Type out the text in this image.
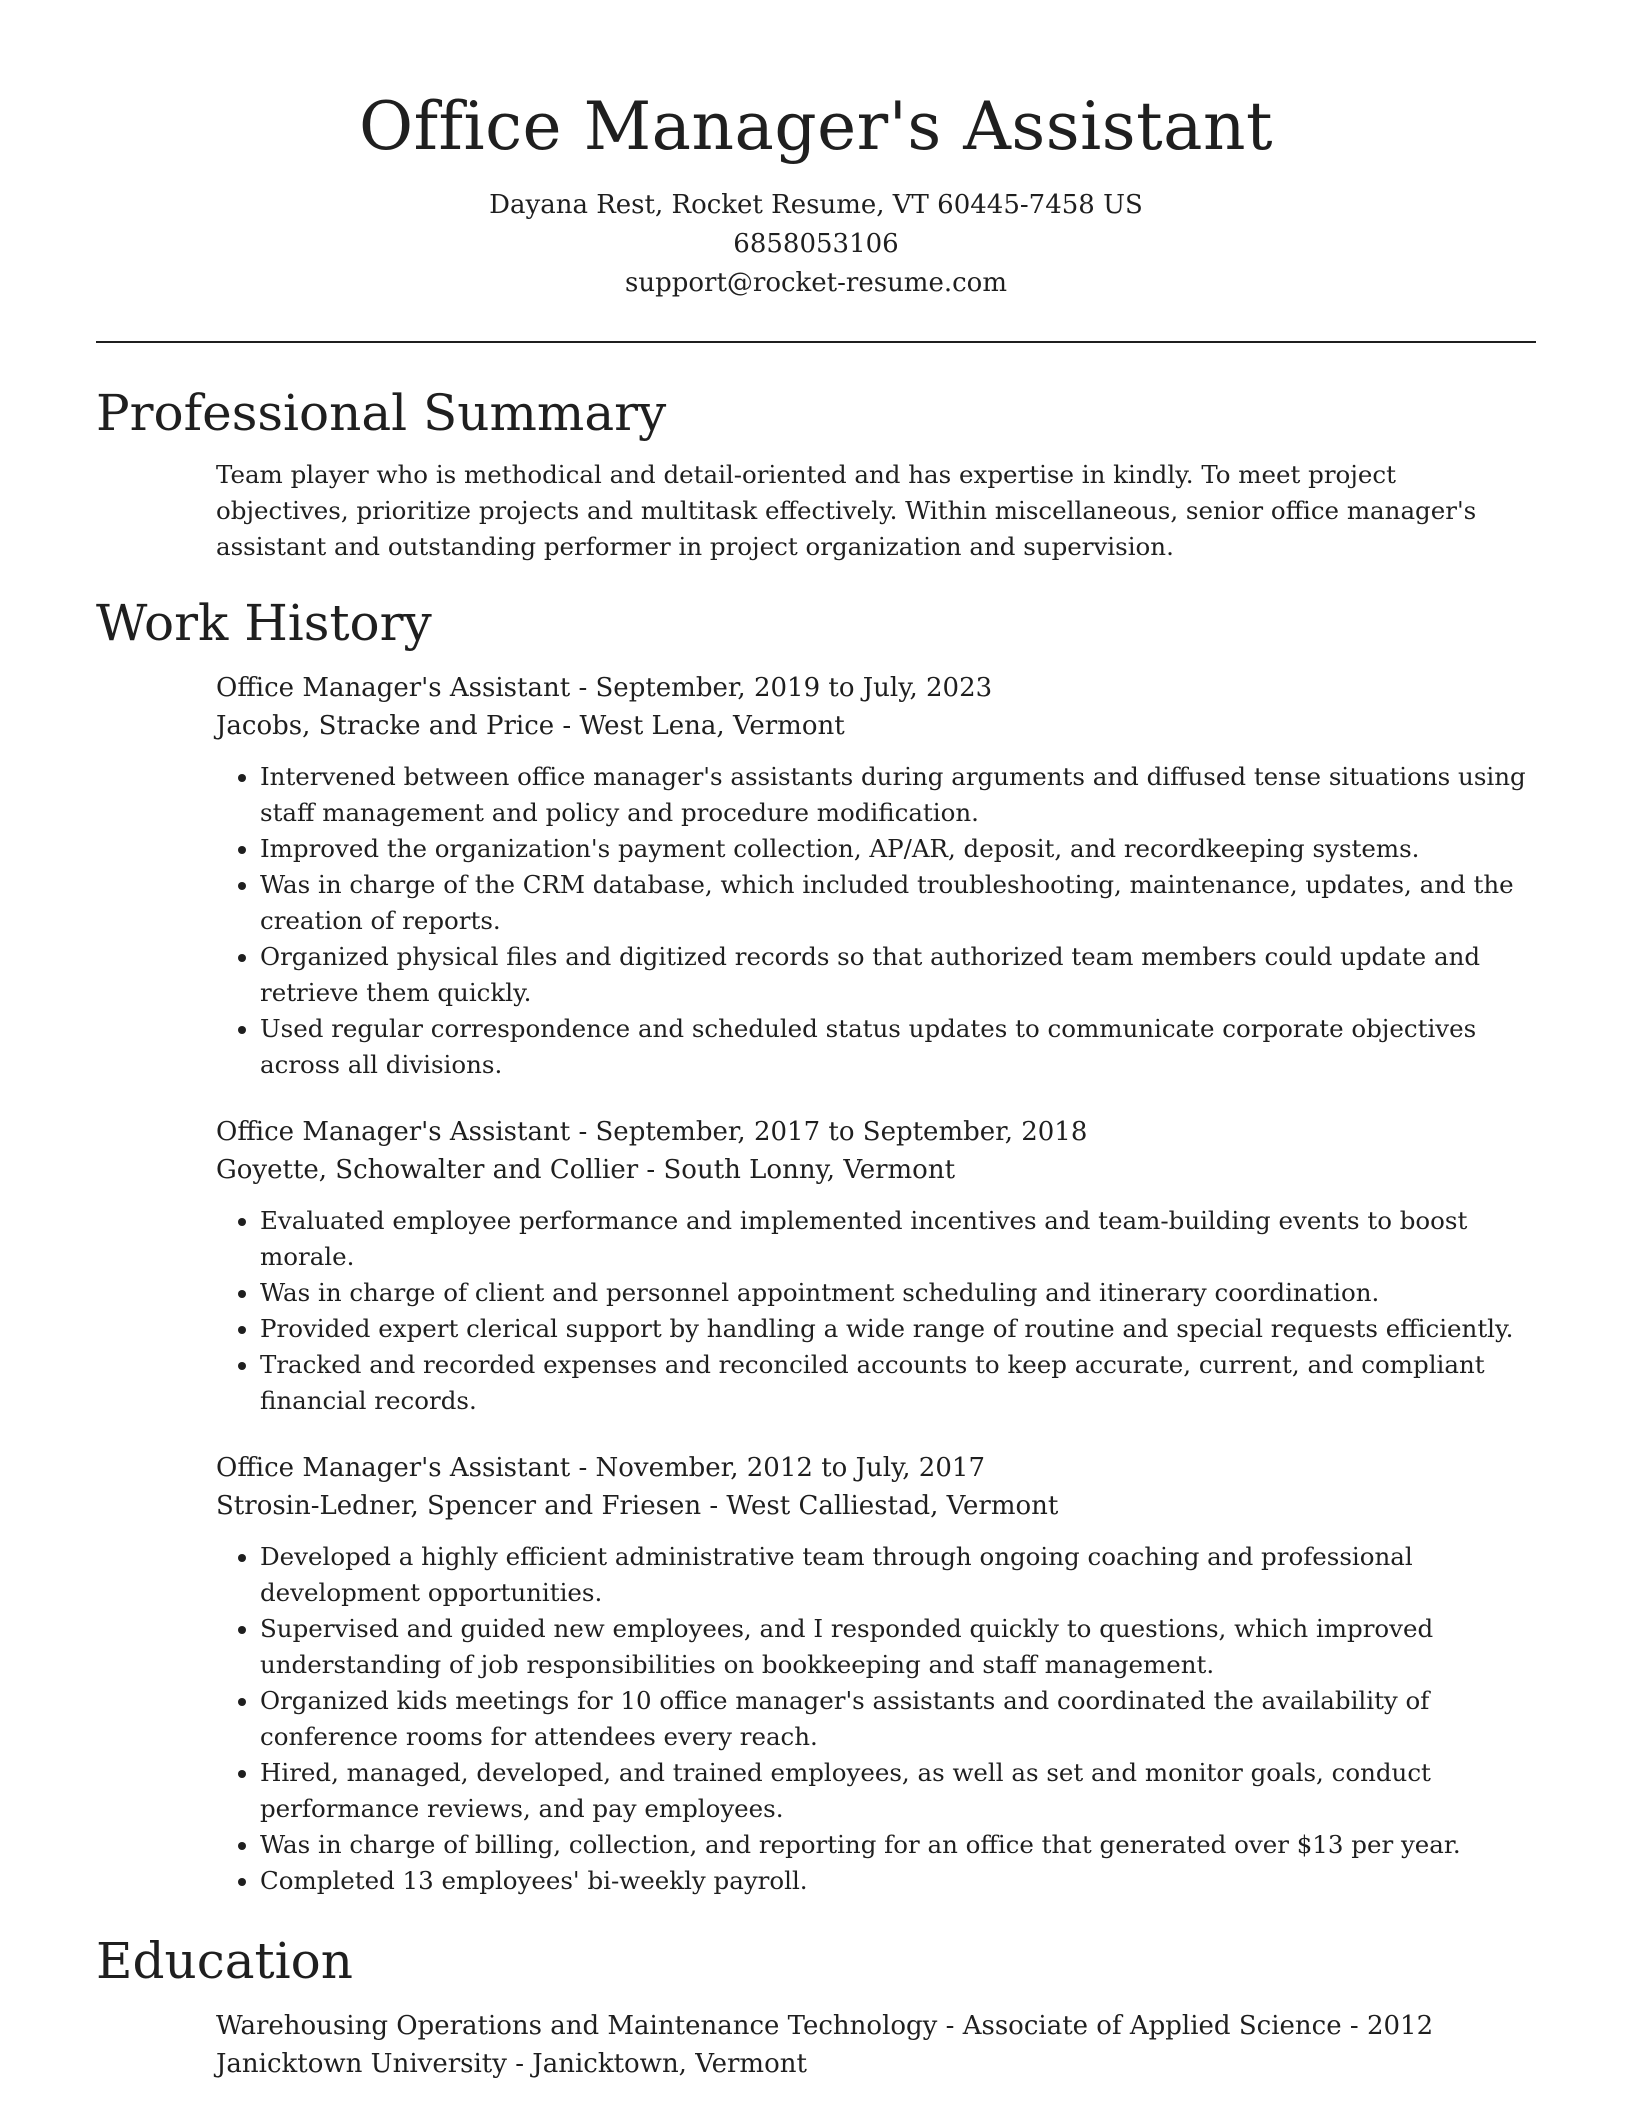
Office Manager's Assistant
Dayana Rest, Rocket Resume, VT 60445-7458 US
6858053106
support@rocket-resume.com
Professional Summary

Team player who is methodical and detail-oriented and has expertise in kindly. To meet project objectives, prioritize projects and multitask effectively. Within miscellaneous, senior office manager's assistant and outstanding performer in project organization and supervision.

Work History
Office Manager's Assistant - September, 2019 to July, 2023
Jacobs, Stracke and Price - West Lena, Vermont
• Intervened between office manager's assistants during arguments and diffused tense situations using staff management and policy and procedure modification.
• Improved the organization's payment collection, AP/AR, deposit, and recordkeeping systems.
• Was in charge of the CRM database, which included troubleshooting, maintenance, updates, and the creation of reports.
• Organized physical files and digitized records so that authorized team members could update and retrieve them quickly.
• Used regular correspondence and scheduled status updates to communicate corporate objectives across all divisions.
Office Manager's Assistant - September, 2017 to September, 2018
Goyette, Schowalter and Collier - South Lonny, Vermont
• Evaluated employee performance and implemented incentives and team-building events to boost morale.
• Was in charge of client and personnel appointment scheduling and itinerary coordination.
• Provided expert clerical support by handling a wide range of routine and special requests efficiently.
• Tracked and recorded expenses and reconciled accounts to keep accurate, current, and compliant financial records.
Office Manager's Assistant - November, 2012 to July, 2017
Strosin-Ledner, Spencer and Friesen - West Calliestad, Vermont
• Developed a highly efficient administrative team through ongoing coaching and professional development opportunities.
• Supervised and guided new employees, and I responded quickly to questions, which improved understanding of job responsibilities on bookkeeping and staff management.
• Organized kids meetings for 10 office manager's assistants and coordinated the availability of conference rooms for attendees every reach.
• Hired, managed, developed, and trained employees, as well as set and monitor goals, conduct performance reviews, and pay employees.
• Was in charge of billing, collection, and reporting for an office that generated over $13 per year.
• Completed 13 employees' bi-weekly payroll.
Education
Warehousing Operations and Maintenance Technology - Associate of Applied Science - 2012
Janicktown University - Janicktown, Vermont
